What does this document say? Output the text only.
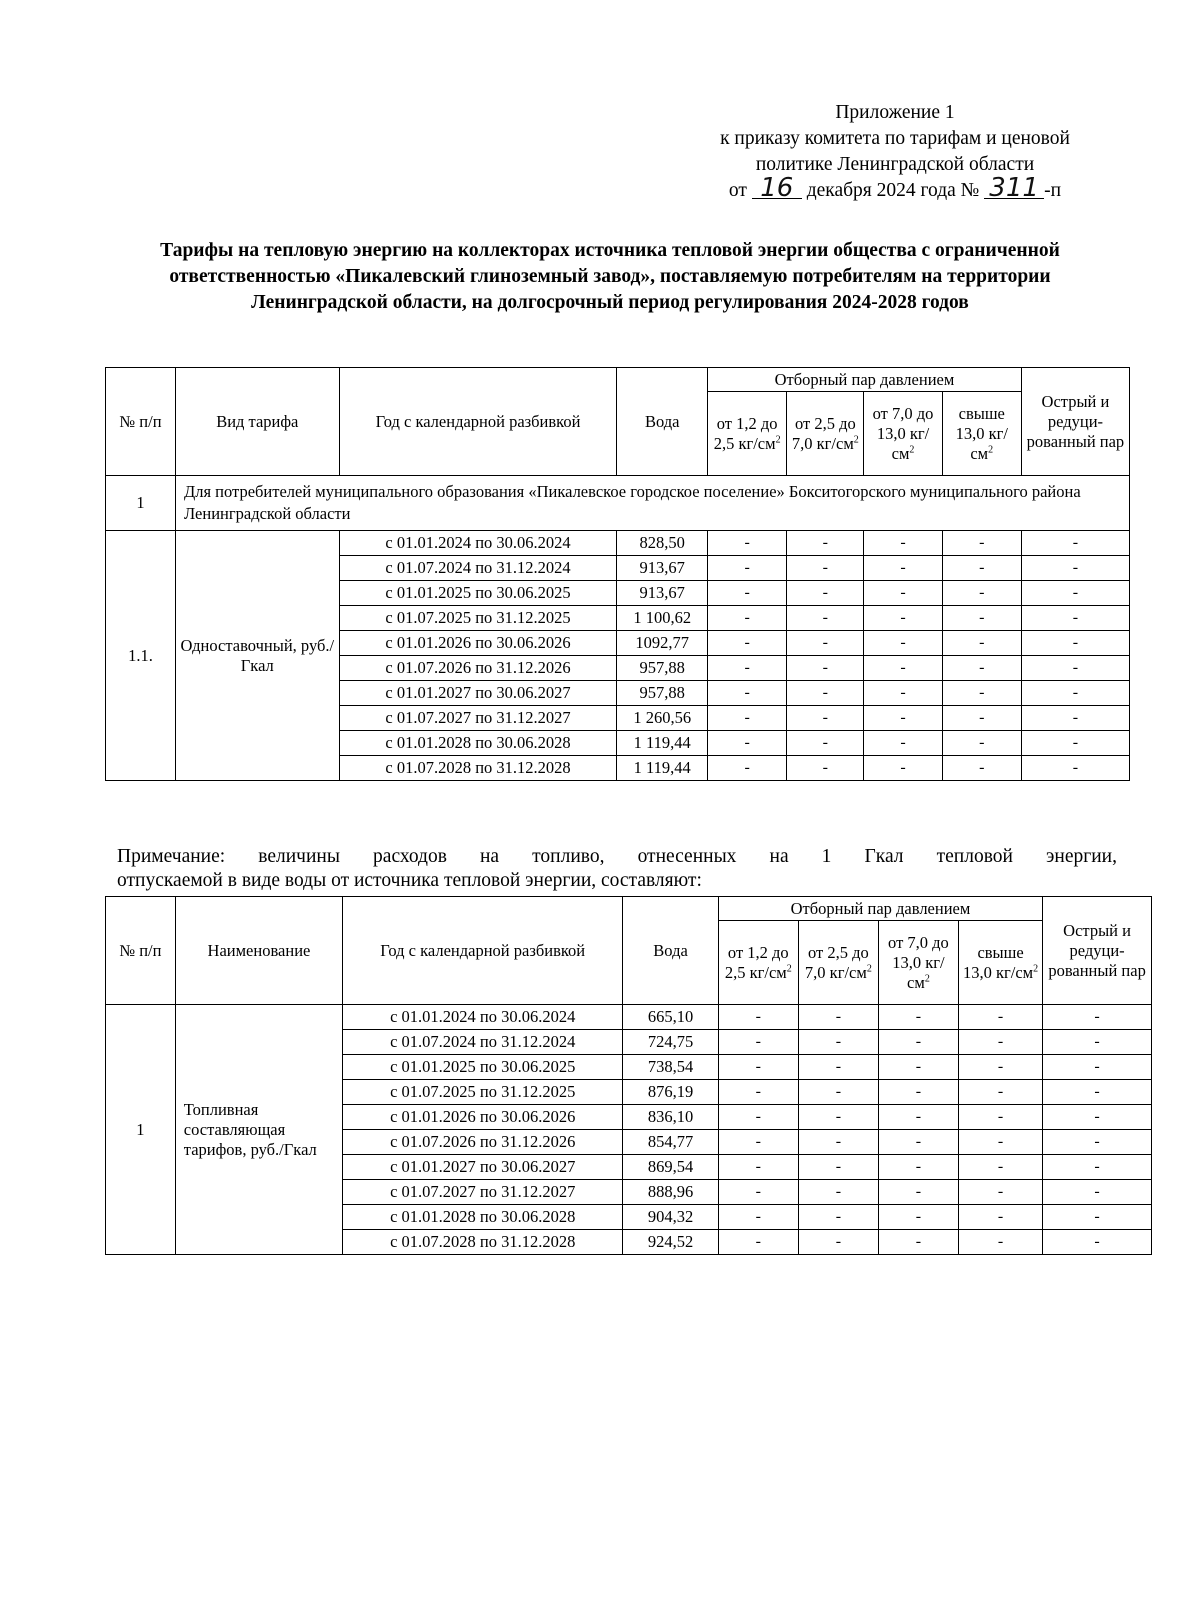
Приложение 1
к приказу комитета по тарифам и ценовой
политике Ленинградской области
от 16 декабря 2024 года № 311 -п
Тарифы на тепловую энергию на коллекторах источника тепловой энергии общества с ограниченной ответственностью «Пикалевский глиноземный завод», поставляемую потребителям на территории Ленинградской области, на долгосрочный период регулирования 2024-2028 годов
№ п/п	Вид тарифа	Год с календарной разбивкой	Вода	Отборный пар давлением				Острый и редуци-рованный пар
				от 1,2 до 2,5 $кг/см^2$	от 2,5 до 7,0 $кг/см^2$	от 7,0 до 13,0 $кг/см^2$	свыше 13,0 $кг/см^2$
1	Для потребителей муниципального образования «Пикалевское городское поселение» Бокситогорского муниципального района Ленинградской области							
1.1.	Одноставочный, руб./Гкал	с 01.01.2024 по 30.06.2024	828,50	-	-	-	-	-
		с 01.07.2024 по 31.12.2024	913,67	-	-	-	-	-
		с 01.01.2025 по 30.06.2025	913,67	-	-	-	-	-
		с 01.07.2025 по 31.12.2025	1 100,62	-	-	-	-	-
		с 01.01.2026 по 30.06.2026	1092,77	-	-	-	-	-
		с 01.07.2026 по 31.12.2026	957,88	-	-	-	-	-
		с 01.01.2027 по 30.06.2027	957,88	-	-	-	-	-
		с 01.07.2027 по 31.12.2027	1 260,56	-	-	-	-	-
		с 01.01.2028 по 30.06.2028	1 119,44	-	-	-	-	-
		с 01.07.2028 по 31.12.2028	1 119,44	-	-	-	-	-
Примечание: величины расходов на топливо, отнесенных на 1 Гкал тепловой энергии,
отпускаемой в виде воды от источника тепловой энергии, составляют:
№ п/п	Наименование	Год с календарной разбивкой	Вода	Отборный пар давлением				Острый и редуци-рованный пар
				от 1,2 до 2,5 $кг/см^2$	от 2,5 до 7,0 $кг/см^2$	от 7,0 до 13,0 $кг/см^2$	свыше 13,0 $кг/см^2$
1	Топливная составляющая тарифов, руб./Гкал	с 01.01.2024 по 30.06.2024	665,10	-	-	-	-	-
		с 01.07.2024 по 31.12.2024	724,75	-	-	-	-	-
		с 01.01.2025 по 30.06.2025	738,54	-	-	-	-	-
		с 01.07.2025 по 31.12.2025	876,19	-	-	-	-	-
		с 01.01.2026 по 30.06.2026	836,10	-	-	-	-	-
		с 01.07.2026 по 31.12.2026	854,77	-	-	-	-	-
		с 01.01.2027 по 30.06.2027	869,54	-	-	-	-	-
		с 01.07.2027 по 31.12.2027	888,96	-	-	-	-	-
		с 01.01.2028 по 30.06.2028	904,32	-	-	-	-	-
		с 01.07.2028 по 31.12.2028	924,52	-	-	-	-	-
